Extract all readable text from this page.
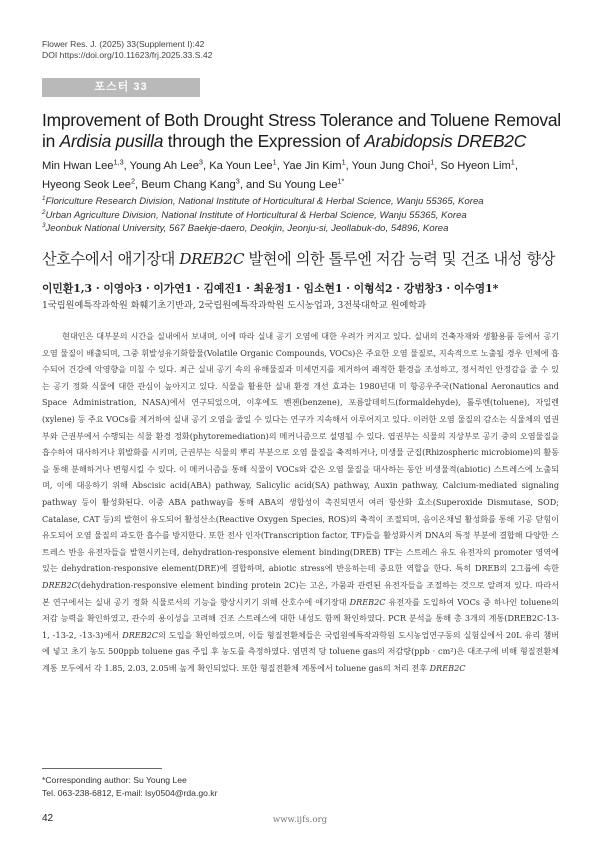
Flower Res. J. (2025) 33(Supplement I):42
DOI https://doi.org/10.11623/frj.2025.33.S.42
포스터 33
Improvement of Both Drought Stress Tolerance and Toluene Removal
in Ardisia pusilla through the Expression of Arabidopsis DREB2C
Min Hwan Lee$^{1,3}$, Young Ah Lee$^3$, Ka Youn Lee$^1$, Yae Jin Kim$^1$, Youn Jung Choi$^1$, So Hyeon Lim$^1$,
Hyeong Seok Lee$^2$, Beum Chang Kang$^3$, and Su Young Lee$^{1*}$
$^1$Floriculture Research Division, National Institute of Horticultural & Herbal Science, Wanju 55365, Korea
$^2$Urban Agriculture Division, National Institute of Horticultural & Herbal Science, Wanju 55365, Korea
$^3$Jeonbuk National University, 567 Baekje-daero, Deokjin, Jeonju-si, Jeollabuk-do, 54896, Korea
산호수에서 애기장대 DREB2C 발현에 의한 톨루엔 저감 능력 및 건조 내성 향상
이민환1,3 · 이영아3 · 이가연1 · 김예진1 · 최윤정1 · 임소현1 · 이형석2 · 강범창3 · 이수영1*
1국립원예특작과학원 화훼기초기반과, 2국립원예특작과학원 도시농업과, 3전북대학교 원예학과

현대인은 대부분의 시간을 실내에서 보내며, 이에 따라 실내 공기 오염에 대한 우려가 커지고 있다. 실내의 건축자재와 생활용품 등에서 공기 오염 물질이 배출되며, 그중 휘발성유기화합물(Volatile Organic Compounds, VOCs)은 주요한 오염 물질로, 지속적으로 노출될 경우 인체에 흡수되어 건강에 악영향을 미칠 수 있다. 최근 실내 공기 속의 유해물질과 미세먼지를 제거하여 쾌적한 환경을 조성하고, 정서적인 안정감을 줄 수 있는 공기 정화 식물에 대한 관심이 높아지고 있다. 식물을 활용한 실내 환경 개선 효과는 1980년대 미 항공우주국(National Aeronautics and Space Administration, NASA)에서 연구되었으며, 이후에도 벤젠(benzene), 포름알데히드(formaldehyde), 톨루엔(toluene), 자일렌(xylene) 등 주요 VOCs를 제거하여 실내 공기 오염을 줄일 수 있다는 연구가 지속해서 이루어지고 있다. 이러한 오염 물질의 감소는 식물체의 엽권부와 근권부에서 수행되는 식물 환경 정화(phytoremediation)의 메커니즘으로 설명될 수 있다. 엽권부는 식물의 지상부로 공기 중의 오염물질을 흡수하여 대사하거나 휘발화를 시키며, 근권부는 식물의 뿌리 부분으로 오염 물질을 축적하거나, 미생물 군집(Rhizospheric microbiome)의 활동을 통해 분해하거나 변형시킬 수 있다. 이 메커니즘을 통해 식물이 VOCs와 같은 오염 물질을 대사하는 동안 비생물적(abiotic) 스트레스에 노출되며, 이에 대응하기 위해 Abscisic acid(ABA) pathway, Salicylic acid(SA) pathway, Auxin pathway, Calcium-mediated signaling pathway 등이 활성화된다. 이중 ABA pathway를 통해 ABA의 생합성이 촉진되면서 여러 항산화 효소(Superoxide Dismutase, SOD; Catalase, CAT 등)의 발현이 유도되어 활성산소(Reactive Oxygen Species, ROS)의 축적이 조절되며, 음이온채널 활성화를 통해 기공 닫힘이 유도되어 오염 물질의 과도한 흡수를 방지한다. 또한 전사 인자(Transcription factor, TF)들을 활성화시켜 DNA의 특정 부분에 결합해 다양한 스트레스 반응 유전자들을 발현시키는데, dehydration-responsive element binding(DREB) TF는 스트레스 유도 유전자의 promoter 영역에 있는 dehydration-responsive element(DRE)에 결합하며, abiotic stress에 반응하는데 중요한 역할을 한다. 특히 DREB의 2그룹에 속한 DREB2C(dehydration-responsive element binding protein 2C)는 고온, 가뭄과 관련된 유전자들을 조절하는 것으로 알려져 있다. 따라서 본 연구에서는 실내 공기 정화 식물로서의 기능을 향상시키기 위해 산호수에 애기장대 DREB2C 유전자를 도입하여 VOCs 중 하나인 toluene의 저감 능력을 확인하였고, 관수의 용이성을 고려해 건조 스트레스에 대한 내성도 함께 확인하였다. PCR 분석을 통해 총 3개의 계통(DREB2C-13-1, -13-2, -13-3)에서 DREB2C의 도입을 확인하였으며, 이들 형질전환체들은 국립원예특작과학원 도시농업연구동의 실험실에서 20L 유리 챔버에 넣고 초기 농도 500ppb toluene gas 주입 후 농도를 측정하였다. 염면적 당 toluene gas의 저감량(ppb · cm²)은 대조구에 비해 형질전환체 계통 모두에서 각 1.85, 2.03, 2.05배 높게 확인되었다. 또한 형질전환체 계통에서 toluene gas의 처리 전후 DREB2C

*Corresponding author: Su Young Lee
Tel. 063-238-6812, E-mail: lsy0504@rda.go.kr
42	www.ijfs.org
